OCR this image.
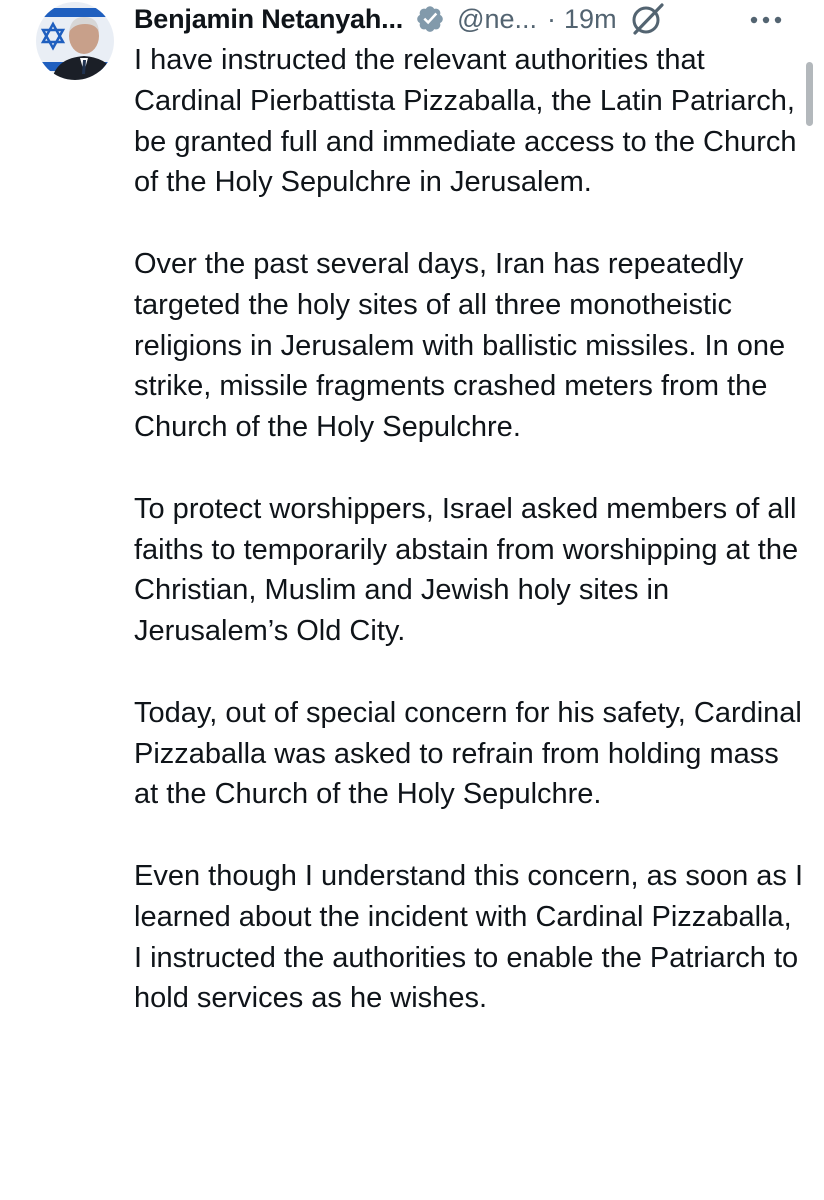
Benjamin Netanyah... @ne... · 19m

I have instructed the relevant authorities that Cardinal Pierbattista Pizzaballa, the Latin Patriarch, be granted full and immediate access to the Church of the Holy Sepulchre in Jerusalem.

Over the past several days, Iran has repeatedly targeted the holy sites of all three monotheistic religions in Jerusalem with ballistic missiles. In one strike, missile fragments crashed meters from the Church of the Holy Sepulchre.

To protect worshippers, Israel asked members of all faiths to temporarily abstain from worshipping at the Christian, Muslim and Jewish holy sites in Jerusalem’s Old City.

Today, out of special concern for his safety, Cardinal Pizzaballa was asked to refrain from holding mass at the Church of the Holy Sepulchre.

Even though I understand this concern, as soon as I learned about the incident with Cardinal Pizzaballa, I instructed the authorities to enable the Patriarch to hold services as he wishes.
